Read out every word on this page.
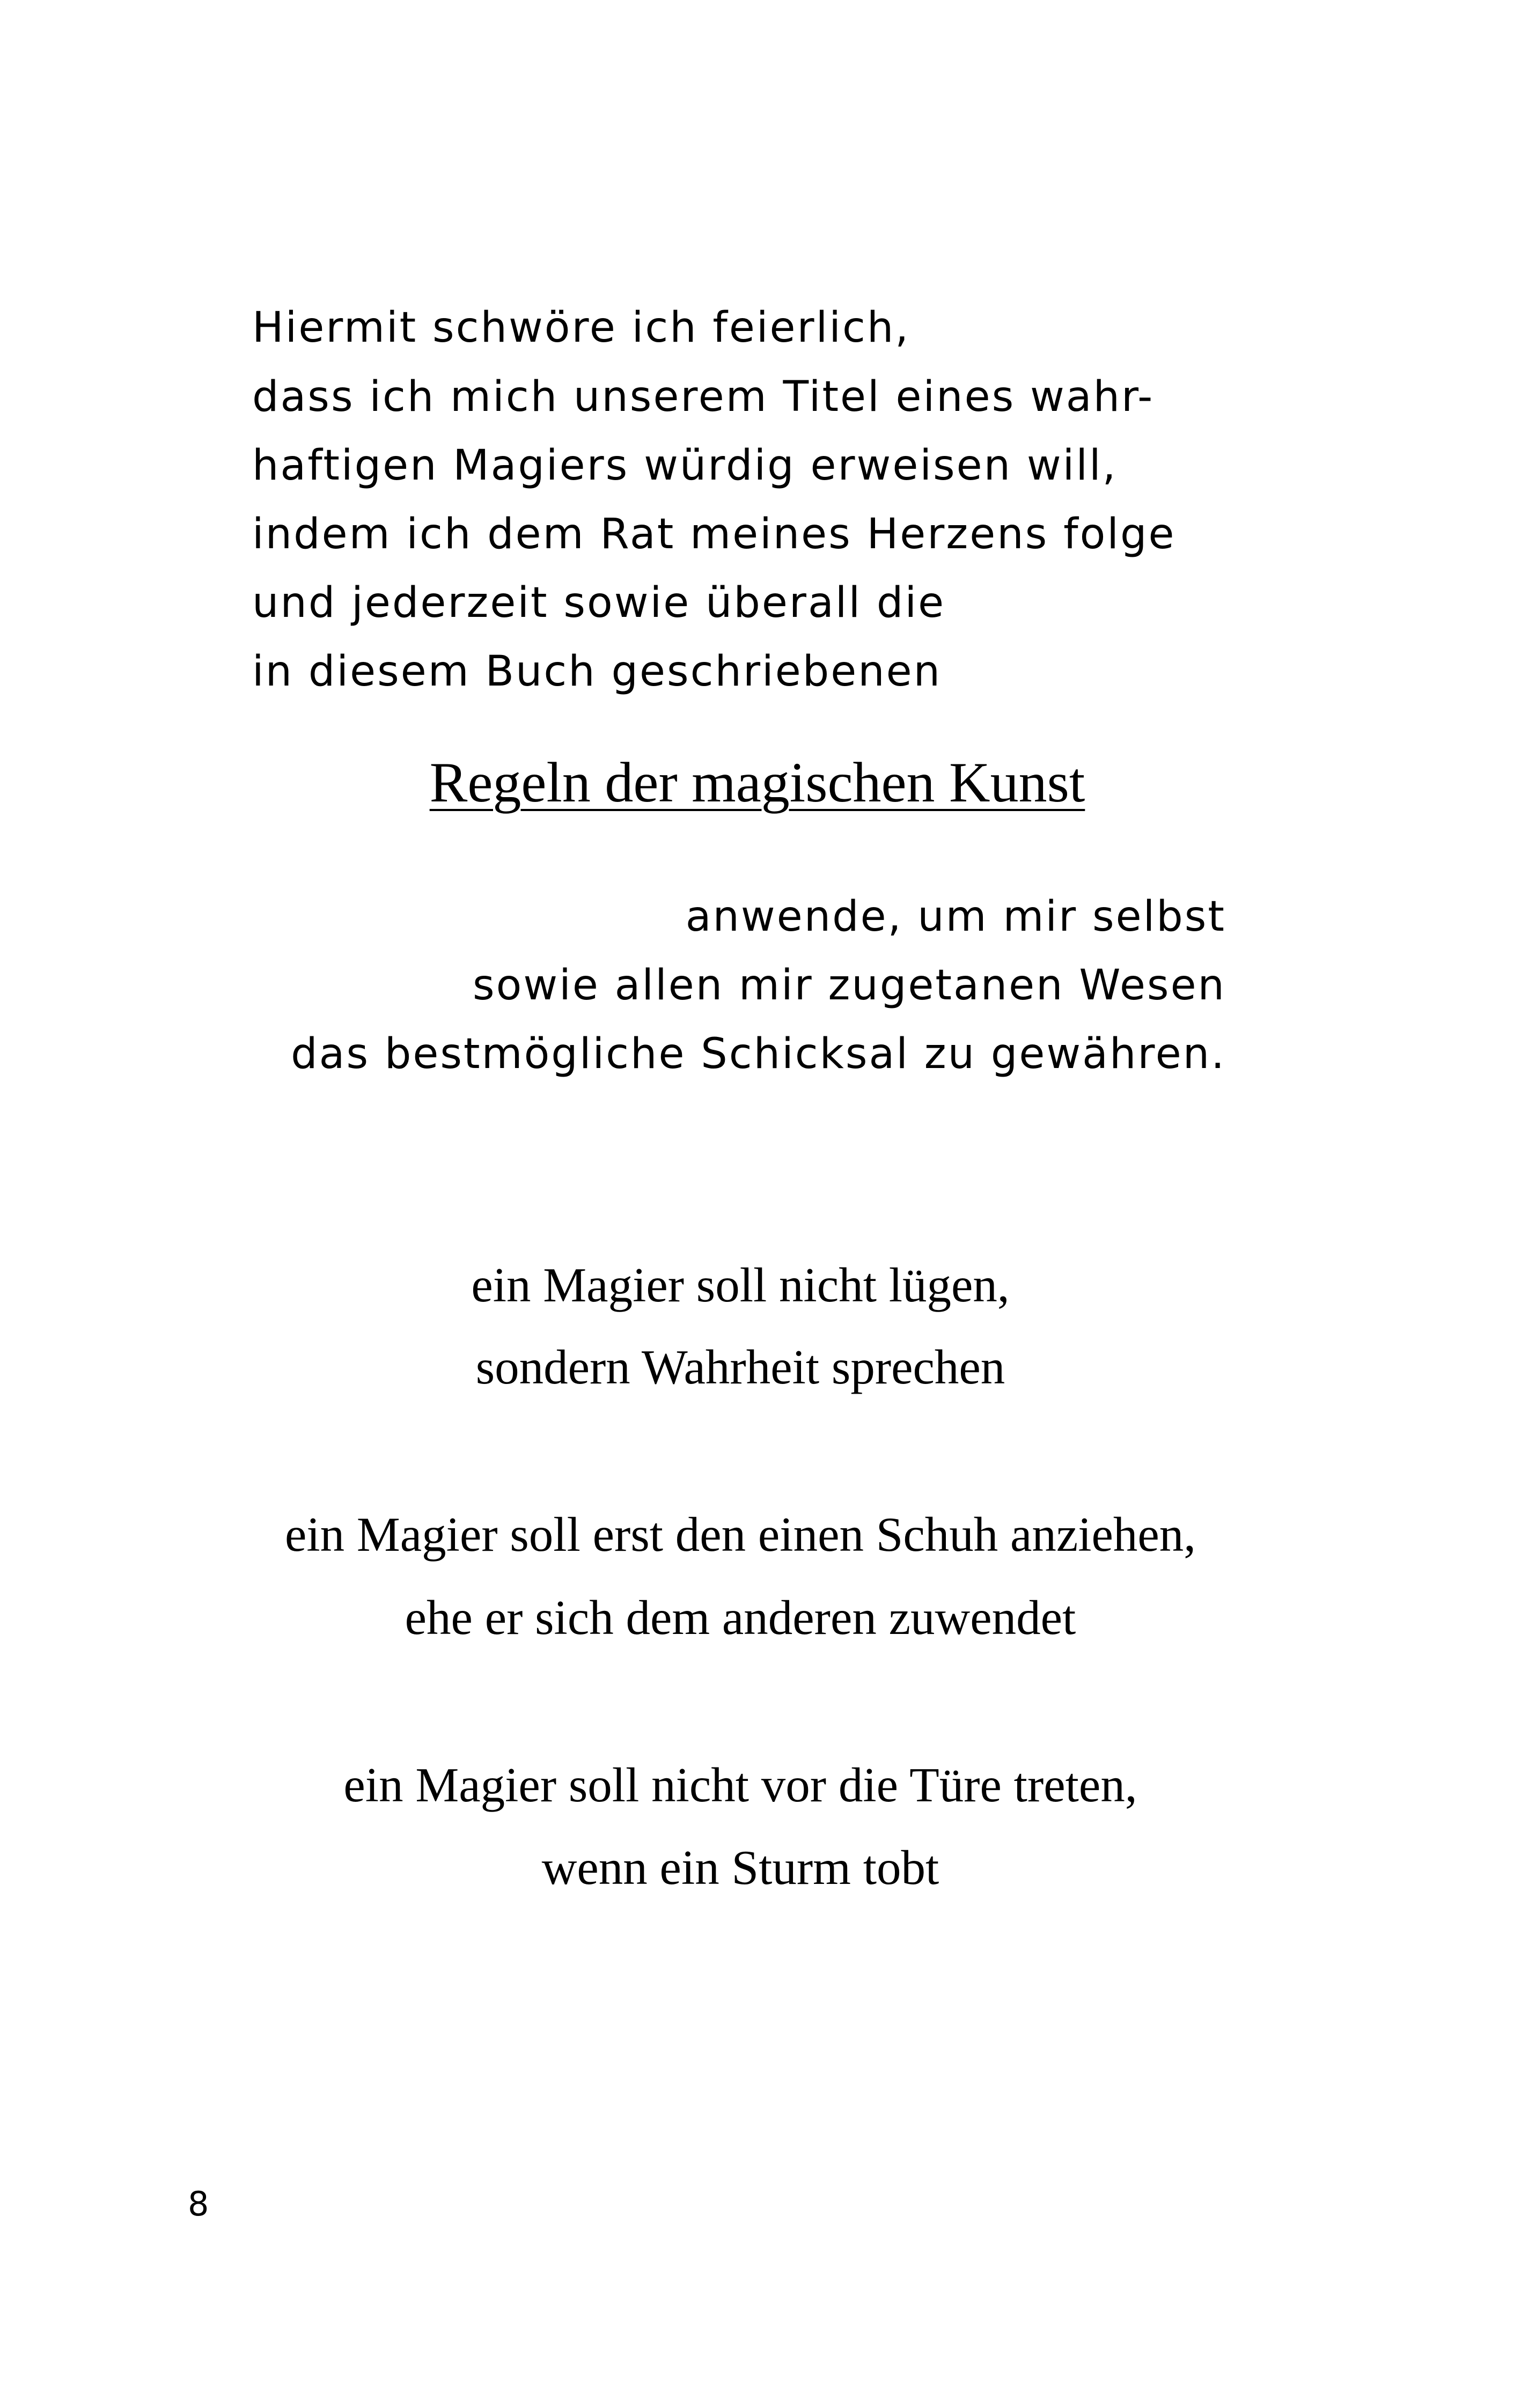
Hiermit schwöre ich feierlich,
dass ich mich unserem Titel eines wahr-
haftigen Magiers würdig erweisen will,
indem ich dem Rat meines Herzens folge
und jederzeit sowie überall die
in diesem Buch geschriebenen
Regeln der magischen Kunst
anwende, um mir selbst
sowie allen mir zugetanen Wesen
das bestmögliche Schicksal zu gewähren.
ein Magier soll nicht lügen,
sondern Wahrheit sprechen
ein Magier soll erst den einen Schuh anziehen,
ehe er sich dem anderen zuwendet
ein Magier soll nicht vor die Türe treten,
wenn ein Sturm tobt
8
